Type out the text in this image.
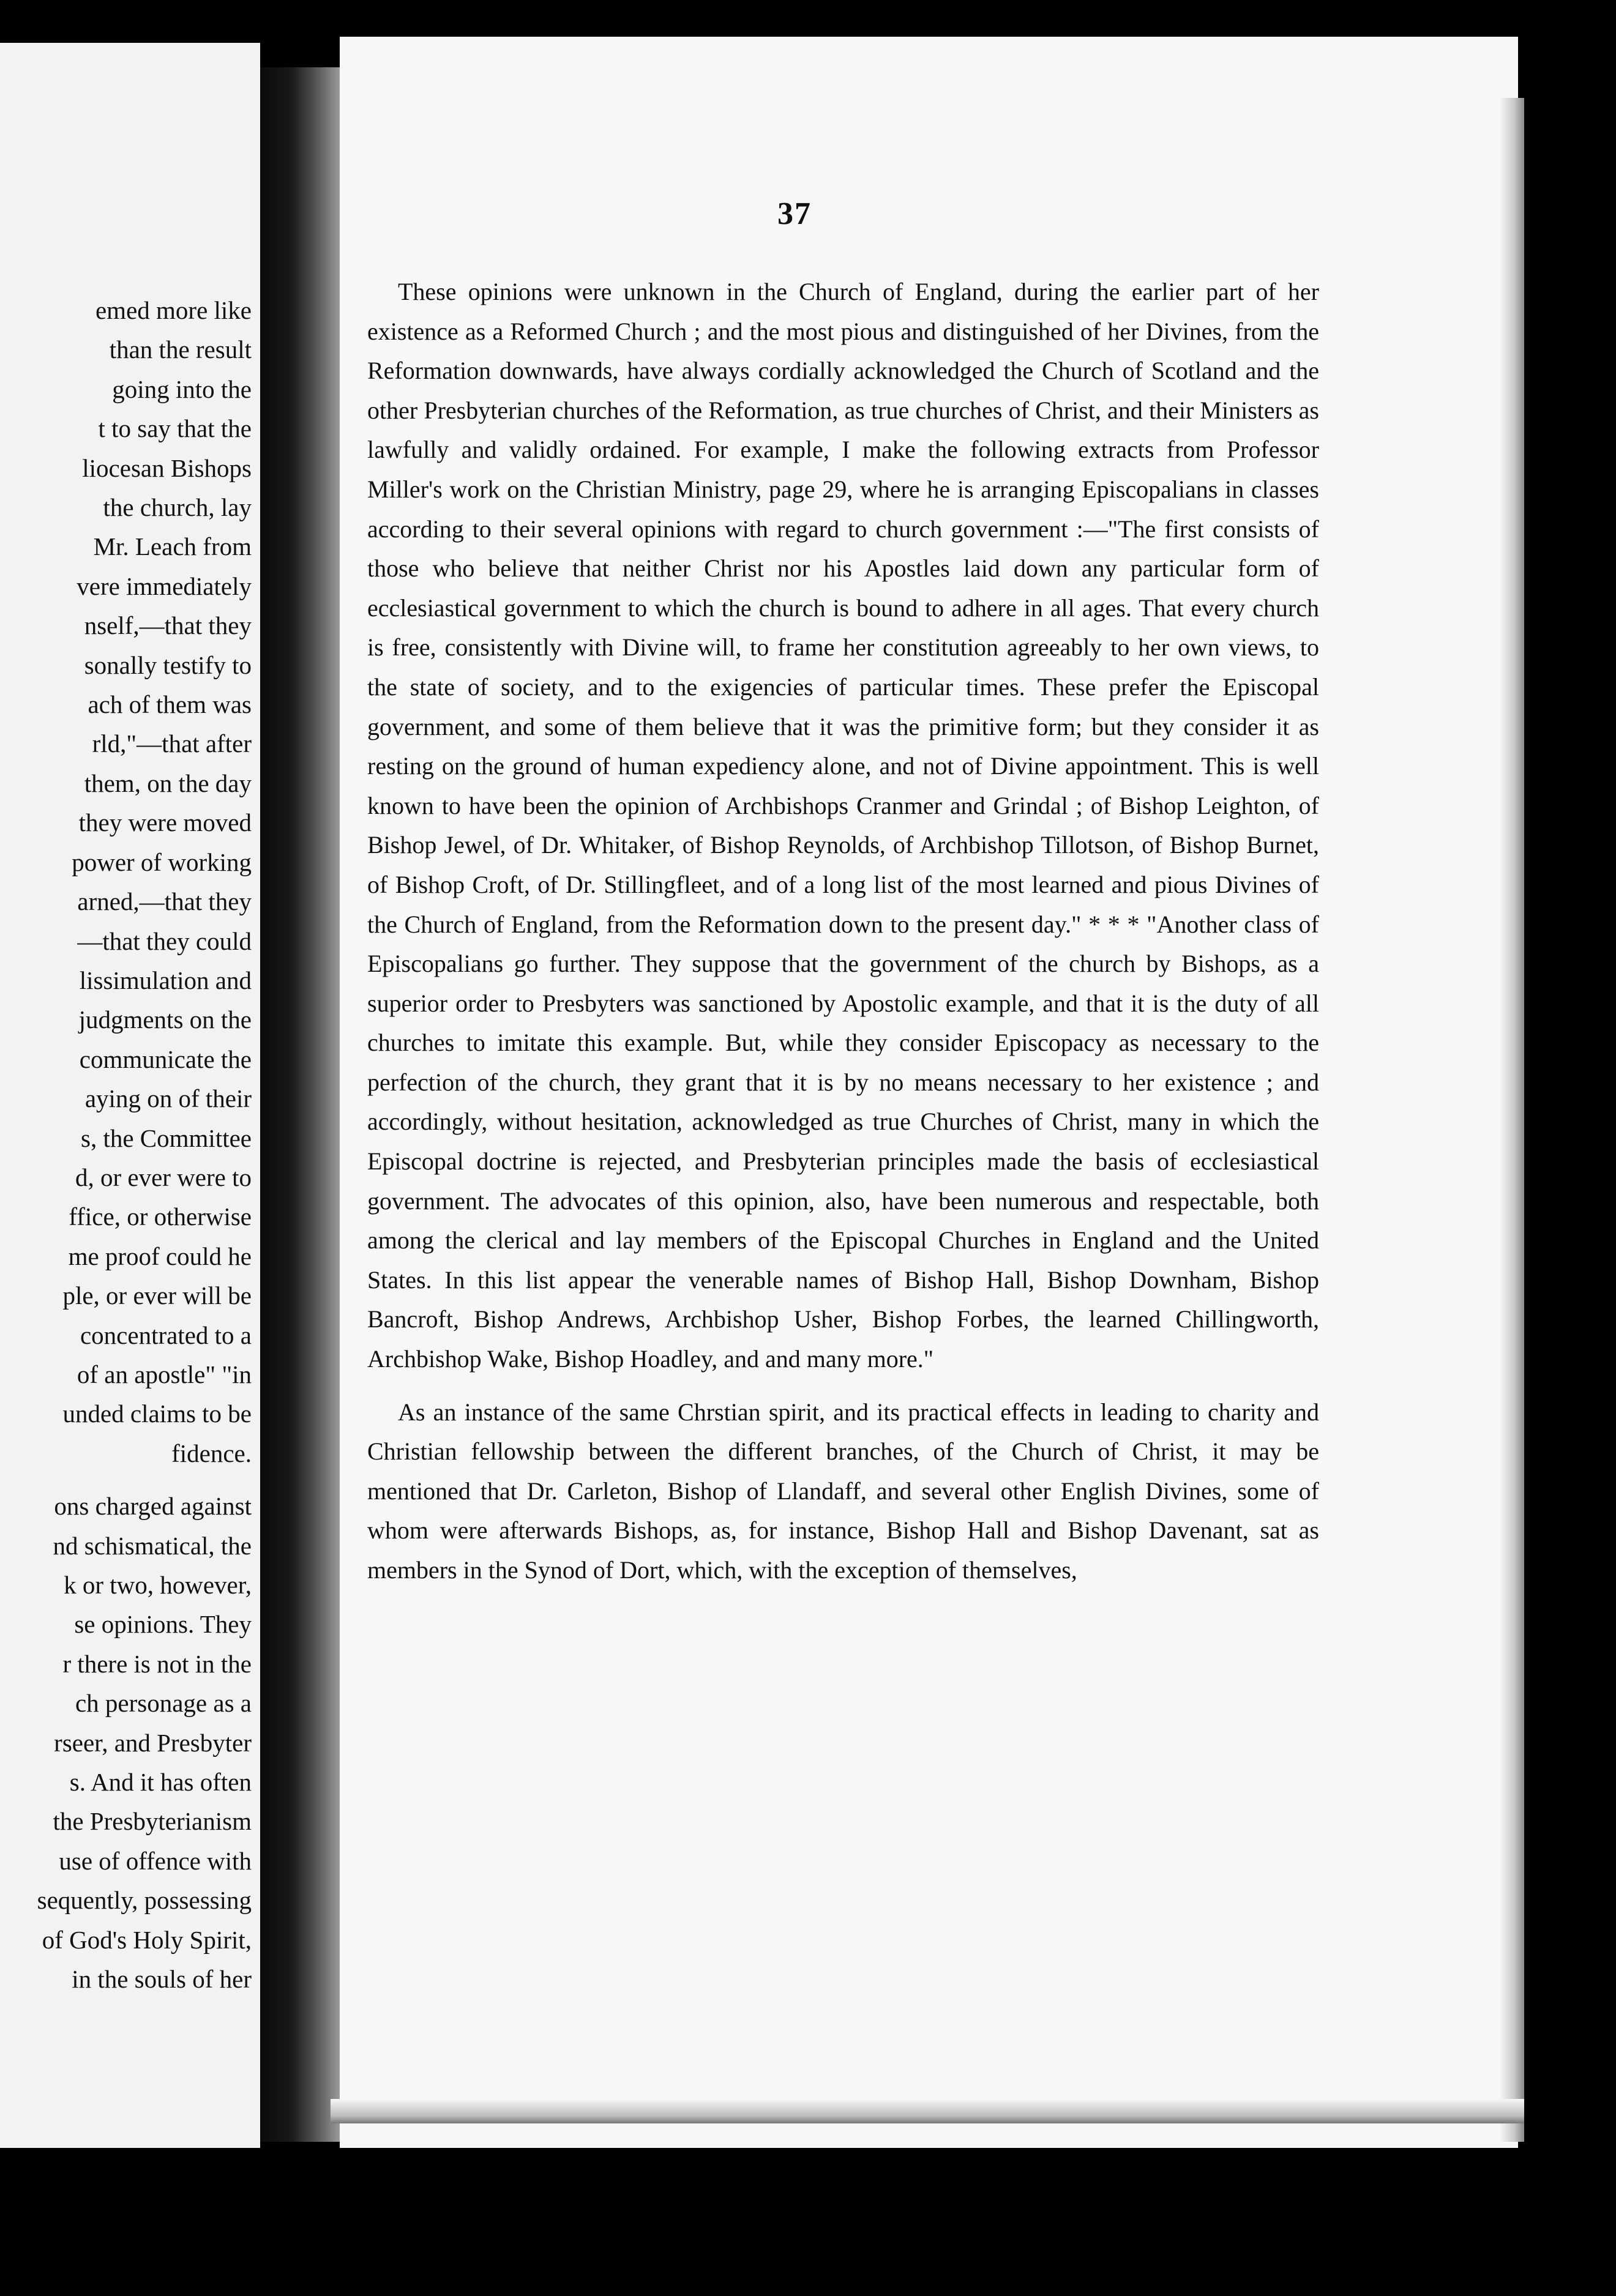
emed more like
than the result
going into the
t to say that the
liocesan Bishops
the church, lay
Mr. Leach from
vere immediately
nself,—that they
sonally testify to
ach of them was
rld,"—that after
them, on the day
they were moved
power of working
arned,—that they
—that they could
lissimulation and
judgments on the
communicate the
aying on of their
s, the Committee
d, or ever were to
ffice, or otherwise
me proof could he
ple, or ever will be
concentrated to a
of an apostle" "in
unded claims to be
fidence.
ons charged against
nd schismatical, the
k or two, however,
se opinions. They
r there is not in the
ch personage as a
rseer, and Presbyter
s. And it has often
the Presbyterianism
use of offence with
sequently, possessing
of God's Holy Spirit,
in the souls of her
37

These opinions were unknown in the Church of England, during the earlier part of her existence as a Reformed Church ; and the most pious and distinguished of her Divines, from the Reformation downwards, have always cordially acknowledged the Church of Scotland and the other Presbyterian churches of the Reformation, as true churches of Christ, and their Ministers as lawfully and validly ordained. For example, I make the following extracts from Professor Miller's work on the Christian Ministry, page 29, where he is arranging Episcopalians in classes according to their several opinions with regard to church government :—"The first consists of those who believe that neither Christ nor his Apostles laid down any particular form of ecclesiastical government to which the church is bound to adhere in all ages. That every church is free, consistently with Divine will, to frame her constitution agreeably to her own views, to the state of society, and to the exigencies of particular times. These prefer the Episcopal government, and some of them believe that it was the primitive form; but they consider it as resting on the ground of human expediency alone, and not of Divine appointment. This is well known to have been the opinion of Archbishops Cranmer and Grindal ; of Bishop Leighton, of Bishop Jewel, of Dr. Whitaker, of Bishop Reynolds, of Archbishop Tillotson, of Bishop Burnet, of Bishop Croft, of Dr. Stillingfleet, and of a long list of the most learned and pious Divines of the Church of England, from the Reformation down to the present day." * * * "Another class of Episcopalians go further. They suppose that the government of the church by Bishops, as a superior order to Presbyters was sanctioned by Apostolic example, and that it is the duty of all churches to imitate this example. But, while they consider Episcopacy as necessary to the perfection of the church, they grant that it is by no means necessary to her existence ; and accordingly, without hesitation, acknowledged as true Churches of Christ, many in which the Episcopal doctrine is rejected, and Presbyterian principles made the basis of ecclesiastical government. The advocates of this opinion, also, have been numerous and respectable, both among the clerical and lay members of the Episcopal Churches in England and the United States. In this list appear the venerable names of Bishop Hall, Bishop Downham, Bishop Bancroft, Bishop Andrews, Archbishop Usher, Bishop Forbes, the learned Chillingworth, Archbishop Wake, Bishop Hoadley, and and many more."

As an instance of the same Chrstian spirit, and its practical effects in leading to charity and Christian fellowship between the different branches, of the Church of Christ, it may be mentioned that Dr. Carleton, Bishop of Llandaff, and several other English Divines, some of whom were afterwards Bishops, as, for instance, Bishop Hall and Bishop Davenant, sat as members in the Synod of Dort, which, with the exception of themselves,
